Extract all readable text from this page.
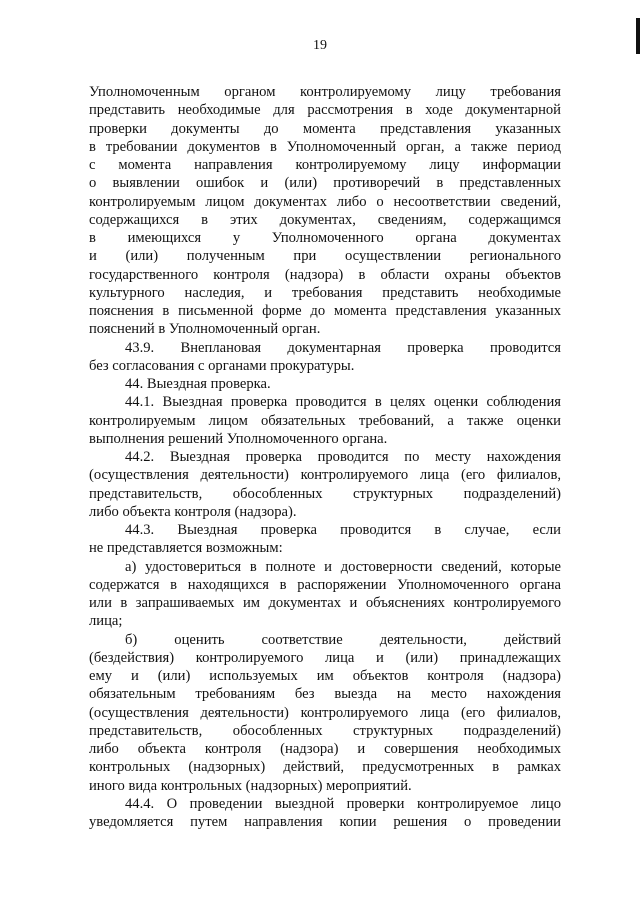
19
Уполномоченным органом контролируемому лицу требования
представить необходимые для рассмотрения в ходе документарной
проверки документы до момента представления указанных
в требовании документов в Уполномоченный орган, а также период
с момента направления контролируемому лицу информации
о выявлении ошибок и (или) противоречий в представленных
контролируемым лицом документах либо о несоответствии сведений,
содержащихся в этих документах, сведениям, содержащимся
в имеющихся у Уполномоченного органа документах
и (или) полученным при осуществлении регионального
государственного контроля (надзора) в области охраны объектов
культурного наследия, и требования представить необходимые
пояснения в письменной форме до момента представления указанных
пояснений в Уполномоченный орган.
43.9. Внеплановая документарная проверка проводится
без согласования с органами прокуратуры.
44. Выездная проверка.
44.1. Выездная проверка проводится в целях оценки соблюдения
контролируемым лицом обязательных требований, а также оценки
выполнения решений Уполномоченного органа.
44.2. Выездная проверка проводится по месту нахождения
(осуществления деятельности) контролируемого лица (его филиалов,
представительств, обособленных структурных подразделений)
либо объекта контроля (надзора).
44.3. Выездная проверка проводится в случае, если
не представляется возможным:
а) удостовериться в полноте и достоверности сведений, которые
содержатся в находящихся в распоряжении Уполномоченного органа
или в запрашиваемых им документах и объяснениях контролируемого
лица;
б) оценить соответствие деятельности, действий
(бездействия) контролируемого лица и (или) принадлежащих
ему и (или) используемых им объектов контроля (надзора)
обязательным требованиям без выезда на место нахождения
(осуществления деятельности) контролируемого лица (его филиалов,
представительств, обособленных структурных подразделений)
либо объекта контроля (надзора) и совершения необходимых
контрольных (надзорных) действий, предусмотренных в рамках
иного вида контрольных (надзорных) мероприятий.
44.4. О проведении выездной проверки контролируемое лицо
уведомляется путем направления копии решения о проведении
